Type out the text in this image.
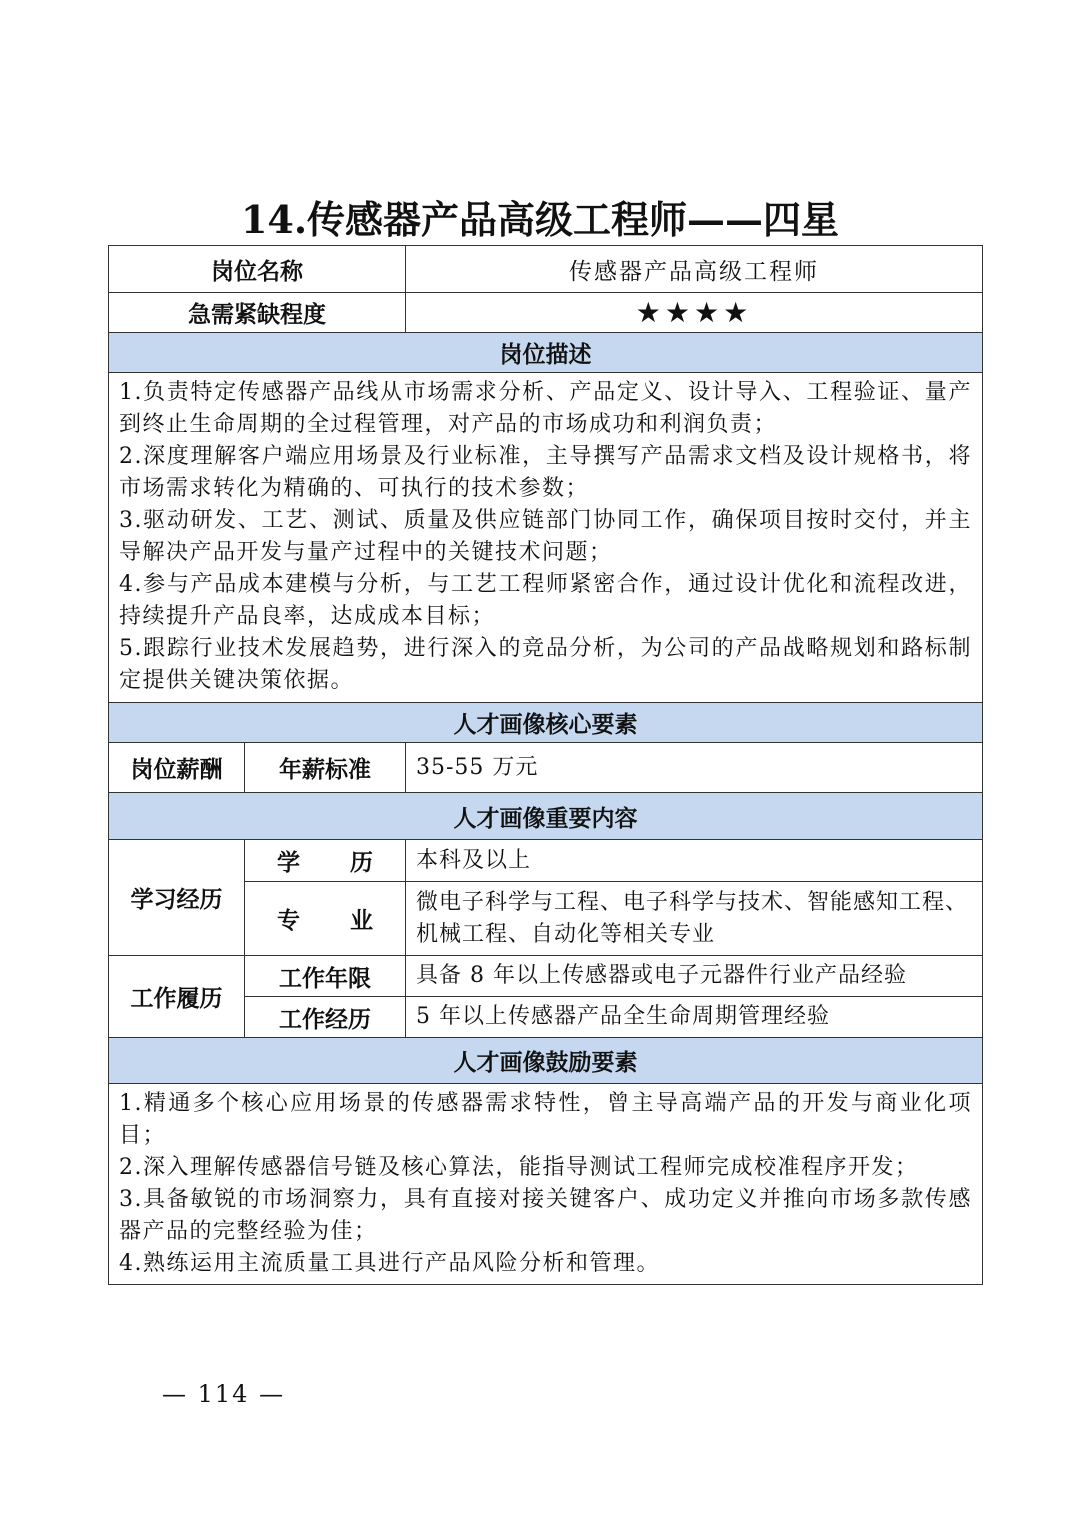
14.传感器产品高级工程师——四星
岗位名称		传感器产品高级工程师
急需紧缺程度		★★★★
岗位描述		

1.负责特定传感器产品线从市场需求分析、产品定义、设计导入、工程验证、量产到终止生命周期的全过程管理，对产品的市场成功和利润负责；

2.深度理解客户端应用场景及行业标准，主导撰写产品需求文档及设计规格书，将市场需求转化为精确的、可执行的技术参数；

3.驱动研发、工艺、测试、质量及供应链部门协同工作，确保项目按时交付，并主导解决产品开发与量产过程中的关键技术问题；

4.参与产品成本建模与分析，与工艺工程师紧密合作，通过设计优化和流程改进，持续提升产品良率，达成成本目标；

5.跟踪行业技术发展趋势，进行深入的竞品分析，为公司的产品战略规划和路标制定提供关键决策依据。		

人才画像核心要素		
岗位薪酬	年薪标准	35-55 万元
人才画像重要内容		
学习经历	学 历	本科及以上

	专 业	微电子科学与工程、电子科学与技术、智能感知工程、机械工程、自动化等相关专业
工作履历	工作年限	具备 8 年以上传感器或电子元器件行业产品经验
	工作经历	5 年以上传感器产品全生命周期管理经验
人才画像鼓励要素		

1.精通多个核心应用场景的传感器需求特性，曾主导高端产品的开发与商业化项目；

2.深入理解传感器信号链及核心算法，能指导测试工程师完成校准程序开发；

3.具备敏锐的市场洞察力，具有直接对接关键客户、成功定义并推向市场多款传感器产品的完整经验为佳；

4.熟练运用主流质量工具进行产品风险分析和管理。		

— 114 —
